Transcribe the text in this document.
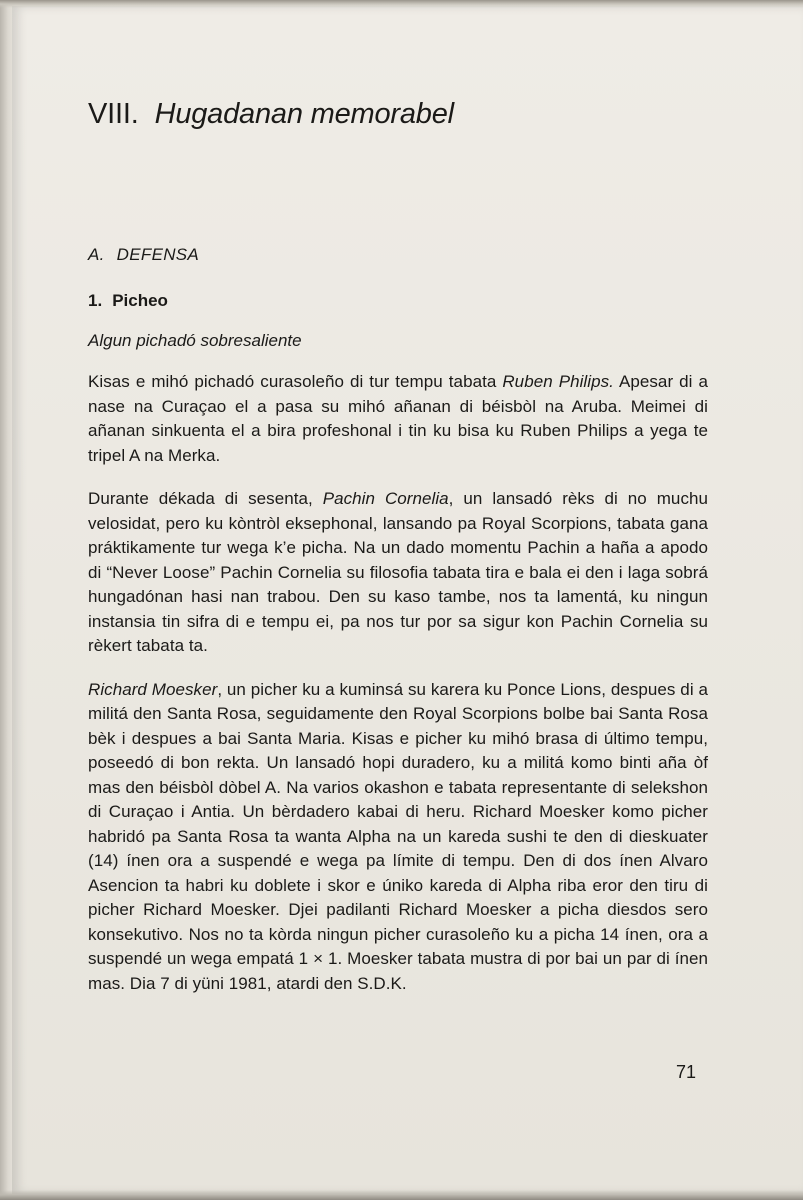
VIII. Hugadanan memorabel
A. DEFENSA
1. Picheo
Algun pichadó sobresaliente

Kisas e mihó pichadó curasoleño di tur tempu tabata Ruben Philips. Apesar di a nase na Curaçao el a pasa su mihó añanan di béisbòl na Aruba. Meimei di añanan sinkuenta el a bira profeshonal i tin ku bisa ku Ruben Philips a yega te tripel A na Merka.

Durante dékada di sesenta, Pachin Cornelia, un lansadó rèks di no muchu velosidat, pero ku kòntròl eksephonal, lansando pa Royal Scorpions, tabata gana práktikamente tur wega k’e picha. Na un dado momentu Pachin a haña a apodo di “Never Loose” Pachin Cornelia su filosofia tabata tira e bala ei den i laga sobrá hungadónan hasi nan trabou. Den su kaso tambe, nos ta lamentá, ku ningun instansia tin sifra di e tempu ei, pa nos tur por sa sigur kon Pachin Cornelia su rèkert tabata ta.

Richard Moesker, un picher ku a kuminsá su karera ku Ponce Lions, despues di a militá den Santa Rosa, seguidamente den Royal Scorpions bolbe bai Santa Rosa bèk i despues a bai Santa Maria. Kisas e picher ku mihó brasa di último tempu, poseedó di bon rekta. Un lansadó hopi duradero, ku a militá komo binti aña òf mas den béisbòl dòbel A. Na varios okashon e tabata representante di selekshon di Curaçao i Antia. Un bèrdadero kabai di heru. Richard Moesker komo picher habridó pa Santa Rosa ta wanta Alpha na un kareda sushi te den di dieskuater (14) ínen ora a suspendé e wega pa límite di tempu. Den di dos ínen Alvaro Asencion ta habri ku doblete i skor e úniko kareda di Alpha riba eror den tiru di picher Richard Moesker. Djei padilanti Richard Moesker a picha diesdos sero konsekutivo. Nos no ta kòrda ningun picher curasoleño ku a picha 14 ínen, ora a suspendé un wega empatá 1 × 1. Moesker tabata mustra di por bai un par di ínen mas. Dia 7 di yüni 1981, atardi den S.D.K.

71
